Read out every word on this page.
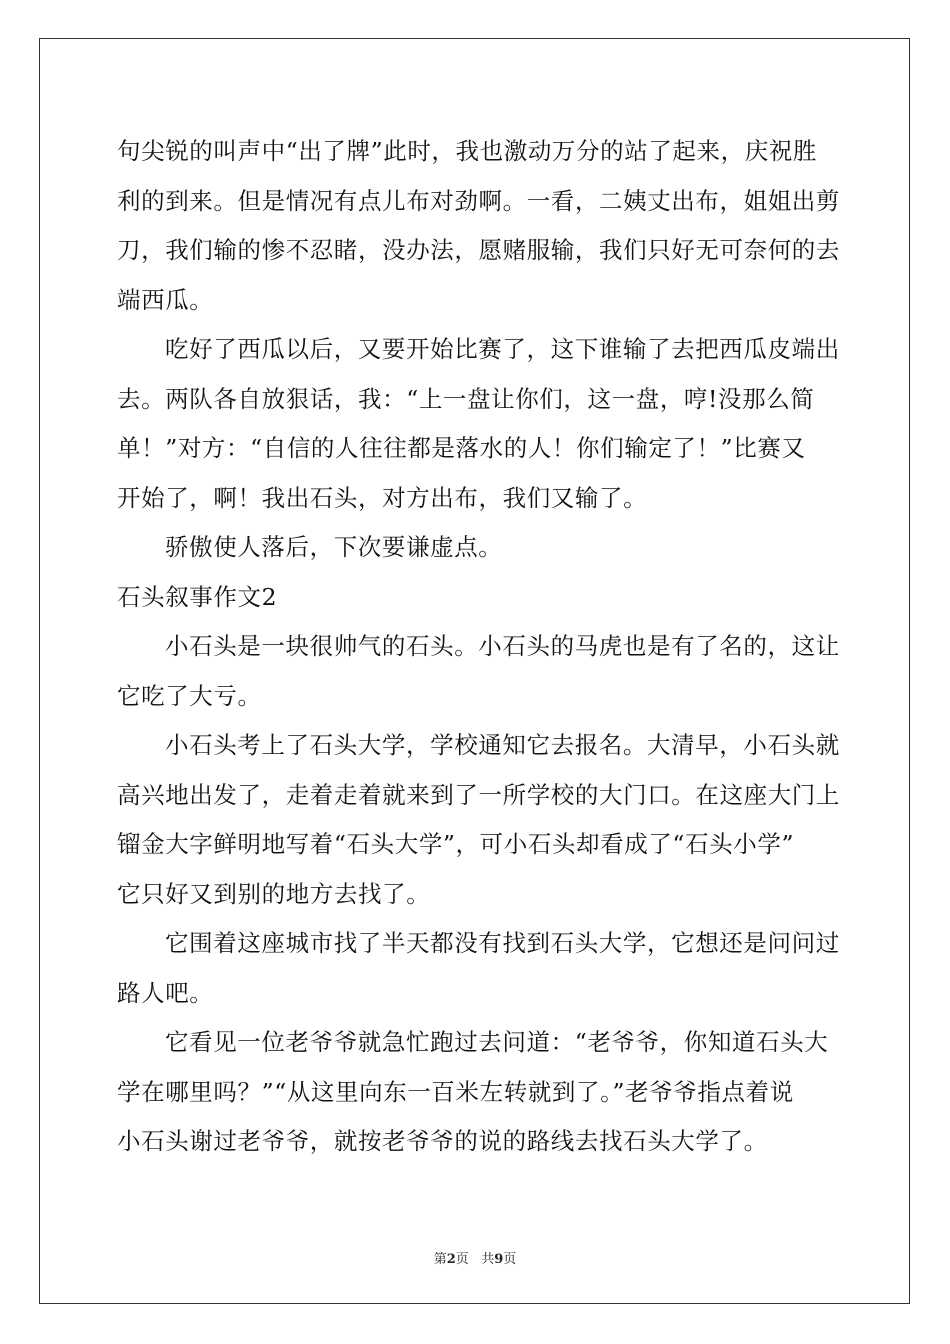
句尖锐的叫声中“出了牌”此时，我也激动万分的站了起来，庆祝胜
利的到来。但是情况有点儿布对劲啊。一看，二姨丈出布，姐姐出剪
刀，我们输的惨不忍睹，没办法，愿赌服输，我们只好无可奈何的去
端西瓜。
吃好了西瓜以后，又要开始比赛了，这下谁输了去把西瓜皮端出
去。两队各自放狠话，我：“上一盘让你们，这一盘，哼!没那么简
单！”对方：“自信的人往往都是落水的人！你们输定了！”比赛又
开始了，啊！我出石头，对方出布，我们又输了。
骄傲使人落后，下次要谦虚点。
石头叙事作文2
小石头是一块很帅气的石头。小石头的马虎也是有了名的，这让
它吃了大亏。
小石头考上了石头大学，学校通知它去报名。大清早，小石头就
高兴地出发了，走着走着就来到了一所学校的大门口。在这座大门上
镏金大字鲜明地写着“石头大学”，可小石头却看成了“石头小学”
它只好又到别的地方去找了。
它围着这座城市找了半天都没有找到石头大学，它想还是问问过
路人吧。
它看见一位老爷爷就急忙跑过去问道：“老爷爷，你知道石头大
学在哪里吗？”“从这里向东一百米左转就到了。”老爷爷指点着说
小石头谢过老爷爷，就按老爷爷的说的路线去找石头大学了。
第2页 共9页
